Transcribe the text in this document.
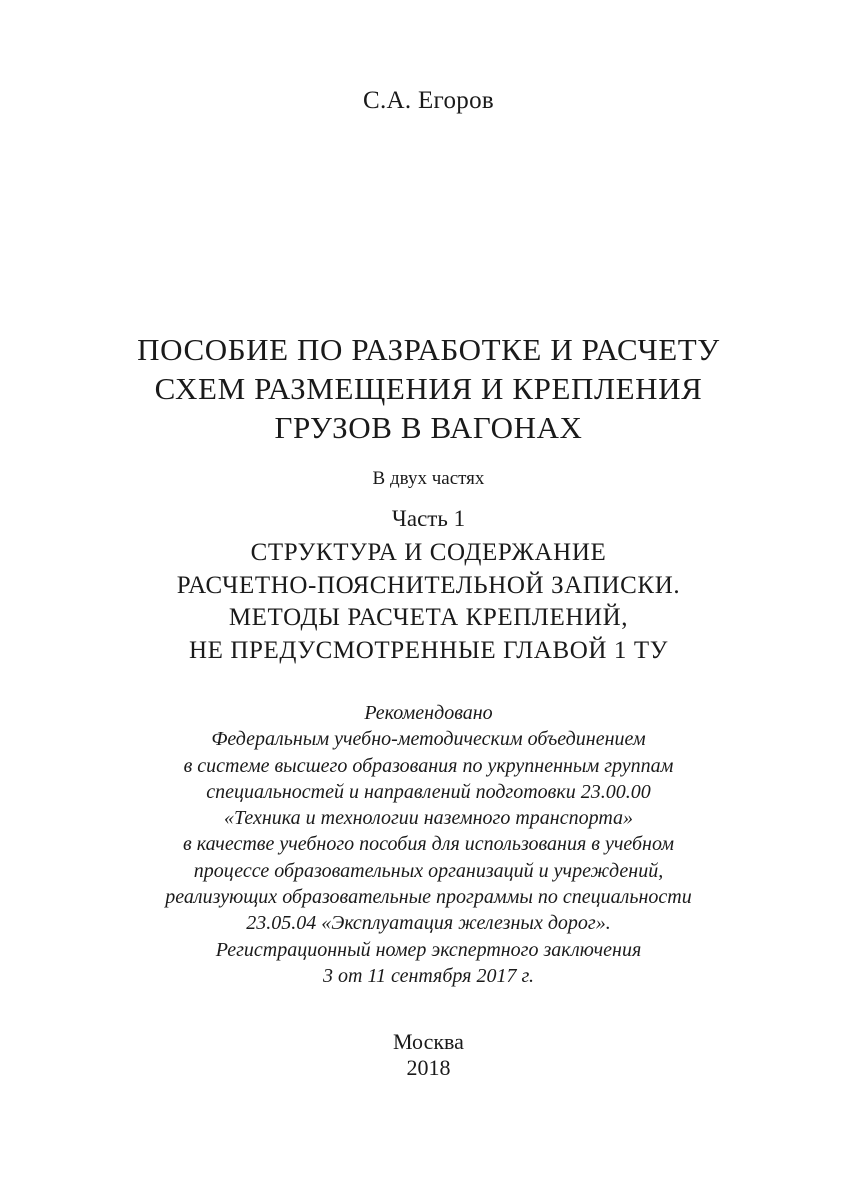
С.А. Егоров
ПОСОБИЕ ПО РАЗРАБОТКЕ И РАСЧЕТУ
СХЕМ РАЗМЕЩЕНИЯ И КРЕПЛЕНИЯ
ГРУЗОВ В ВАГОНАХ
В двух частях
Часть 1
СТРУКТУРА И СОДЕРЖАНИЕ
РАСЧЕТНО-ПОЯСНИТЕЛЬНОЙ ЗАПИСКИ.
МЕТОДЫ РАСЧЕТА КРЕПЛЕНИЙ,
НЕ ПРЕДУСМОТРЕННЫЕ ГЛАВОЙ 1 ТУ
Рекомендовано
Федеральным учебно-методическим объединением
в системе высшего образования по укрупненным группам
специальностей и направлений подготовки 23.00.00
«Техника и технологии наземного транспорта»
в качестве учебного пособия для использования в учебном
процессе образовательных организаций и учреждений,
реализующих образовательные программы по специальности
23.05.04 «Эксплуатация железных дорог».
Регистрационный номер экспертного заключения
3 от 11 сентября 2017 г.
Москва
2018
